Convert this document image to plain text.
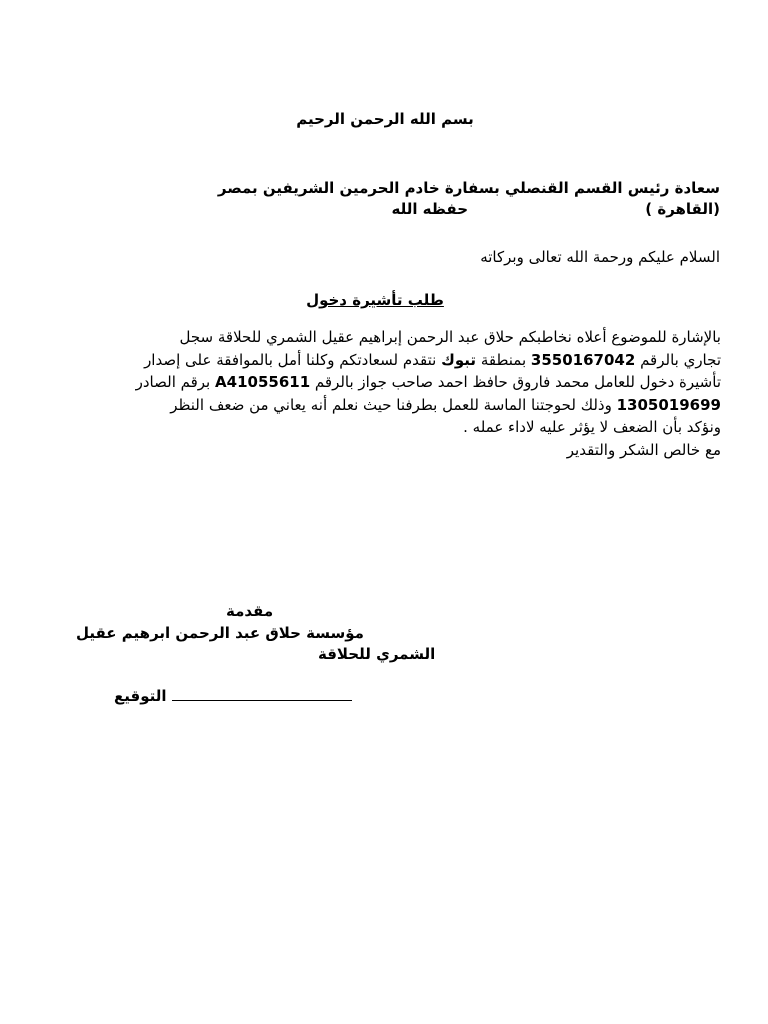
بسم الله الرحمن الرحيم
سعادة رئيس القسم القنصلي بسفارة خادم الحرمين الشريفين بمصر
(القاهرة )
حفظه الله
السلام عليكم ورحمة الله تعالى وبركاته
طلب تأشيرة دخول
بالإشارة للموضوع أعلاه نخاطبكم حلاق عبد الرحمن إبراهيم عقيل الشمري للحلاقة سجل
تجاري بالرقم 3550167042 بمنطقة تبوك نتقدم لسعادتكم وكلنا أمل بالموافقة على إصدار
تأشيرة دخول للعامل محمد فاروق حافظ احمد صاحب جواز بالرقم A41055611 برقم الصادر
1305019699 وذلك لحوجتنا الماسة للعمل بطرفنا حيث نعلم أنه يعاني من ضعف النظر
ونؤكد بأن الضعف لا يؤثر عليه لاداء عمله .
مع خالص الشكر والتقدير
مقدمة
مؤسسة حلاق عبد الرحمن ابرهيم عقيل
الشمري للحلاقة
التوقيع
